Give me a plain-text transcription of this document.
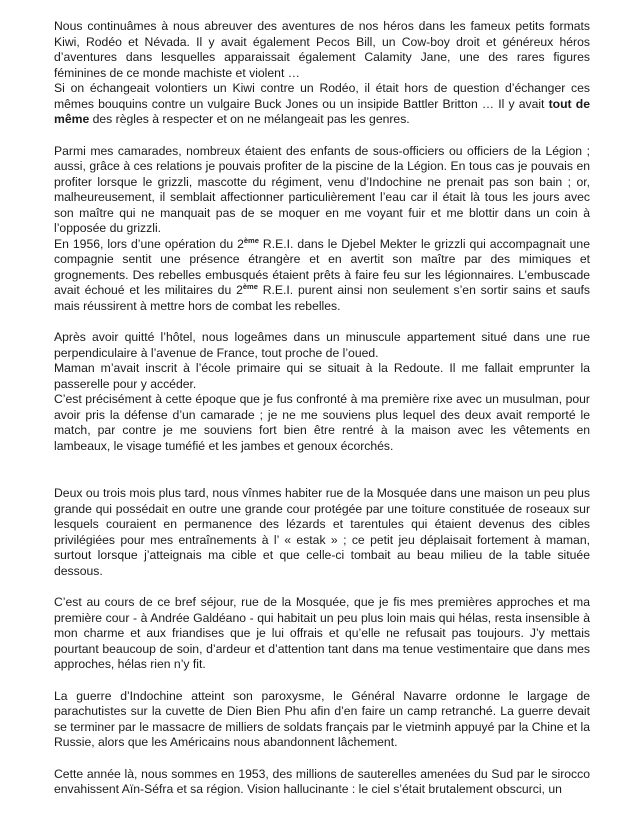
Nous continuâmes à nous abreuver des aventures de nos héros dans les fameux petits formats Kiwi, Rodéo et Névada. Il y avait également Pecos Bill, un Cow-boy droit et généreux héros d’aventures dans lesquelles apparaissait également Calamity Jane, une des rares figures féminines de ce monde machiste et violent …

Si on échangeait volontiers un Kiwi contre un Rodéo, il était hors de question d’échanger ces mêmes bouquins contre un vulgaire Buck Jones ou un insipide Battler Britton … Il y avait tout de même des règles à respecter et on ne mélangeait pas les genres.

Parmi mes camarades, nombreux étaient des enfants de sous-officiers ou officiers de la Légion ; aussi, grâce à ces relations je pouvais profiter de la piscine de la Légion. En tous cas je pouvais en profiter lorsque le grizzli, mascotte du régiment, venu d’Indochine ne prenait pas son bain ; or, malheureusement, il semblait affectionner particulièrement l’eau car il était là tous les jours avec son maître qui ne manquait pas de se moquer en me voyant fuir et me blottir dans un coin à l’opposée du grizzli.

En 1956, lors d’une opération du 2ème R.E.I. dans le Djebel Mekter le grizzli qui accompagnait une compagnie sentit une présence étrangère et en avertit son maître par des mimiques et grognements. Des rebelles embusqués étaient prêts à faire feu sur les légionnaires. L’embuscade avait échoué et les militaires du 2ème R.E.I. purent ainsi non seulement s’en sortir sains et saufs mais réussirent à mettre hors de combat les rebelles.

Après avoir quitté l’hôtel, nous logeâmes dans un minuscule appartement situé dans une rue perpendiculaire à l’avenue de France, tout proche de l’oued.

Maman m’avait inscrit à l’école primaire qui se situait à la Redoute. Il me fallait emprunter la passerelle pour y accéder.

C’est précisément à cette époque que je fus confronté à ma première rixe avec un musulman, pour avoir pris la défense d’un camarade ; je ne me souviens plus lequel des deux avait remporté le match, par contre je me souviens fort bien être rentré à la maison avec les vêtements en lambeaux, le visage tuméfié et les jambes et genoux écorchés.

Deux ou trois mois plus tard, nous vînmes habiter rue de la Mosquée dans une maison un peu plus grande qui possédait en outre une grande cour protégée par une toiture constituée de roseaux sur lesquels couraient en permanence des lézards et tarentules qui étaient devenus des cibles privilégiées pour mes entraînements à l’ « estak » ; ce petit jeu déplaisait fortement à maman, surtout lorsque j’atteignais ma cible et que celle-ci tombait au beau milieu de la table située dessous.

C’est au cours de ce bref séjour, rue de la Mosquée, que je fis mes premières approches et ma première cour - à Andrée Galdéano - qui habitait un peu plus loin mais qui hélas, resta insensible à mon charme et aux friandises que je lui offrais et qu’elle ne refusait pas toujours. J’y mettais pourtant beaucoup de soin, d’ardeur et d’attention tant dans ma tenue vestimentaire que dans mes approches, hélas rien n’y fit.

La guerre d’Indochine atteint son paroxysme, le Général Navarre ordonne le largage de parachutistes sur la cuvette de Dien Bien Phu afin d’en faire un camp retranché. La guerre devait se terminer par le massacre de milliers de soldats français par le vietminh appuyé par la Chine et la Russie, alors que les Américains nous abandonnent lâchement.

Cette année là, nous sommes en 1953, des millions de sauterelles amenées du Sud par le sirocco envahissent Aïn-Séfra et sa région. Vision hallucinante : le ciel s’était brutalement obscurci, un
